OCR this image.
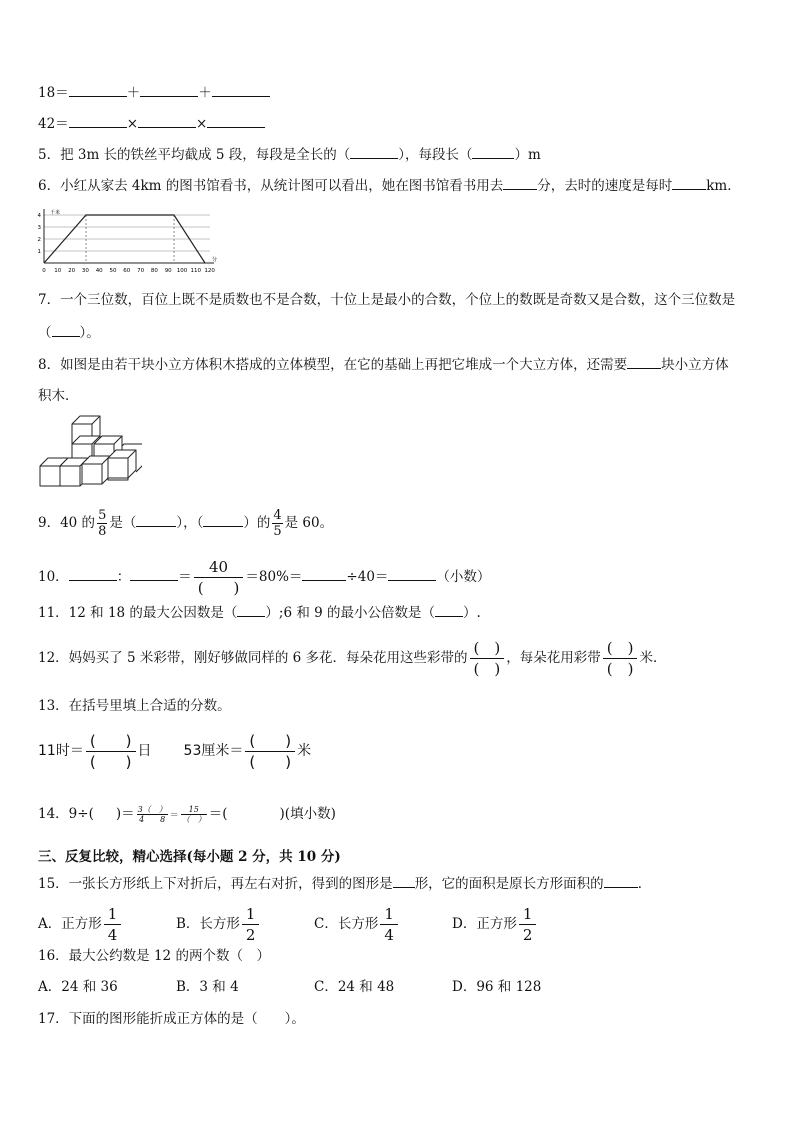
18＝	＋	＋
42＝	×	×
5．把 3m 长的铁丝平均截成 5 段，每段是全长的（	），每段长（	）m
6．小红从家去 4km 的图书馆看书，从统计图可以看出，她在图书馆看书用去	分，去时的速度是每时	km．
千米
分
0 10 20 30 40 50 60 70 80 90 100 110 120
1
2
3
4
7．一个三位数，百位上既不是质数也不是合数，十位上是最小的合数，个位上的数既是奇数又是合数，这个三位数是
（ ）。
8．如图是由若干块小立方体积木搭成的立体模型，在它的基础上再把它堆成一个大立方体，还需要	块小立方体
积木．
9．40 的 $\frac{5}{8}$ 是（	），（	）的 $\frac{4}{5}$ 是 60。
10．	：	＝ $\frac{40}{( )} =80\%=$	÷40＝	（小数）
11．12 和 18 的最大公因数是（ ）;6 和 9 的最小公倍数是（ ）.
12．妈妈买了 5 米彩带，刚好够做同样的 6 多花．每朵花用这些彩带的 $\frac{( )}{( )}$ ，每朵花用彩带 $\frac{( )}{( )}$ 米．
13．在括号里填上合适的分数。
11时＝ $\frac{( )}{( )}$ 日 53厘米＝ $\frac{( )}{( )}$ 米
14．9÷( )＝ $\frac{3( )}{4 8} = \frac{15}{( )}$ ＝(	)(填小数)
三、反复比较，精心选择(每小题 2 分，共 10 分)
15．一张长方形纸上下对折后，再左右对折，得到的图形是 形，它的面积是原长方形面积的	．
A．正方形 $\frac{1}{4}$	B．长方形 $\frac{1}{2}$	C．长方形 $\frac{1}{4}$	D．正方形 $\frac{1}{2}$
16．最大公约数是 12 的两个数（　）
A．24 和 36	B．3 和 4	C．24 和 48	D．96 和 128
17．下面的图形能折成正方体的是（　　）。
